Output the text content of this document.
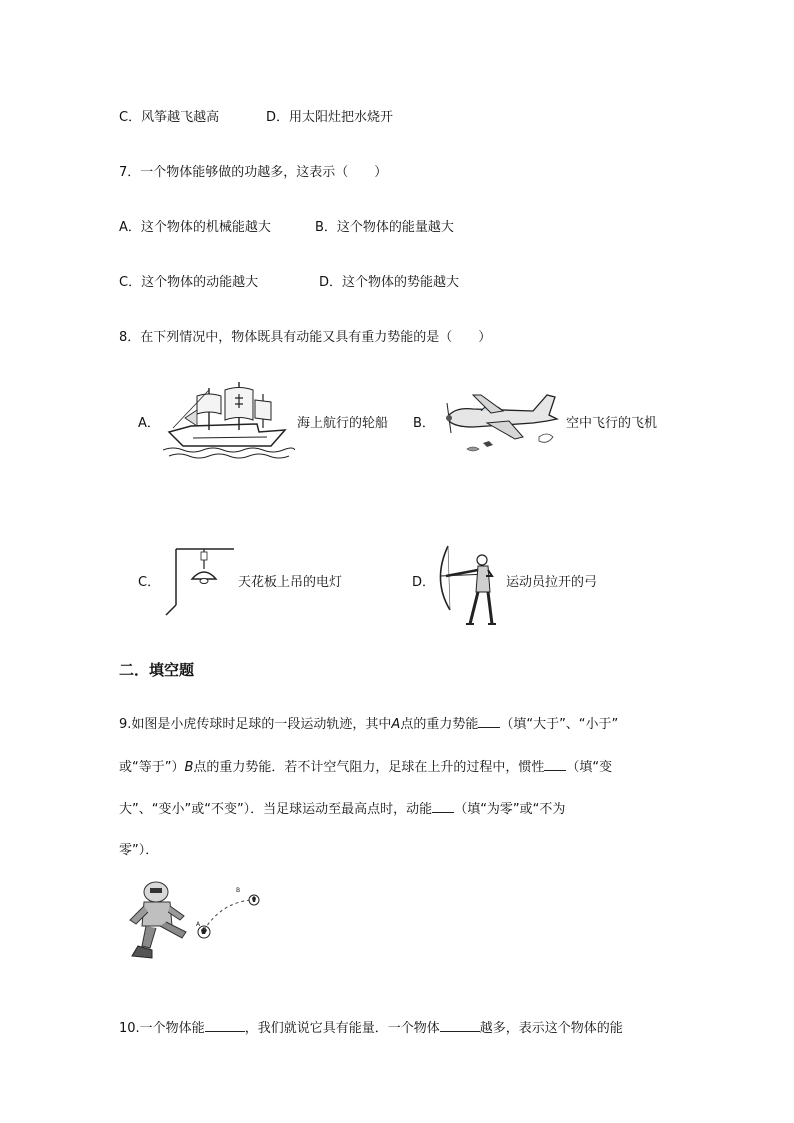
C．风筝越飞越高	D．用太阳灶把水烧开
7．一个物体能够做的功越多，这表示（　　）
A．这个物体的机械能越大	B．这个物体的能量越大
C．这个物体的动能越大	D．这个物体的势能越大
8．在下列情况中，物体既具有动能又具有重力势能的是（　　）
A．	海上航行的轮船 B．	空中飞行的飞机
C．	天花板上吊的电灯	D．	运动员拉开的弓
二．填空题
9.如图是小虎传球时足球的一段运动轨迹，其中A点的重力势能 （填“大于”、“小于”
或“等于”）B点的重力势能．若不计空气阻力，足球在上升的过程中，惯性 （填“变
大”、“变小”或“不变”）．当足球运动至最高点时，动能 （填“为零”或“不为
零”）．
A
B
10.一个物体能	，我们就说它具有能量．一个物体	越多，表示这个物体的能
